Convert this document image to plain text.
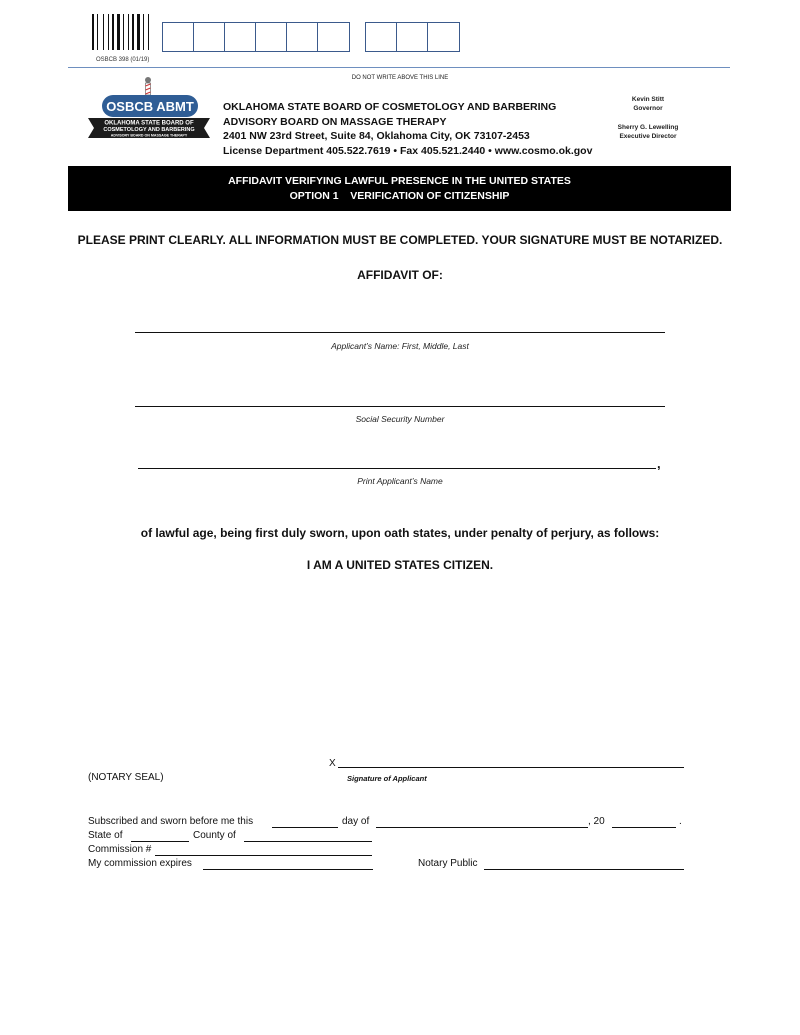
OSBCB 398 (01/19)
DO NOT WRITE ABOVE THIS LINE
OSBCB ABMT
OKLAHOMA STATE BOARD OF
COSMETOLOGY AND BARBERING
ADVISORY BOARD ON MASSAGE THERAPY
OKLAHOMA STATE BOARD OF COSMETOLOGY AND BARBERING
ADVISORY BOARD ON MASSAGE THERAPY
2401 NW 23rd Street, Suite 84, Oklahoma City, OK 73107-2453
License Department 405.522.7619 • Fax 405.521.2440 • www.cosmo.ok.gov
Kevin Stitt
Governor
Sherry G. Lewelling
Executive Director
AFFIDAVIT VERIFYING LAWFUL PRESENCE IN THE UNITED STATES
OPTION 1    VERIFICATION OF CITIZENSHIP
PLEASE PRINT CLEARLY. ALL INFORMATION MUST BE COMPLETED. YOUR SIGNATURE MUST BE NOTARIZED.
AFFIDAVIT OF:
Applicant’s Name: First, Middle, Last
Social Security Number
,
Print Applicant’s Name
of lawful age, being first duly sworn, upon oath states, under penalty of perjury, as follows:
I AM A UNITED STATES CITIZEN.
X
(NOTARY SEAL)	Signature of Applicant
Subscribed and sworn before me this	day of	, 20	.
State of	County of
Commission #
My commission expires	Notary Public
